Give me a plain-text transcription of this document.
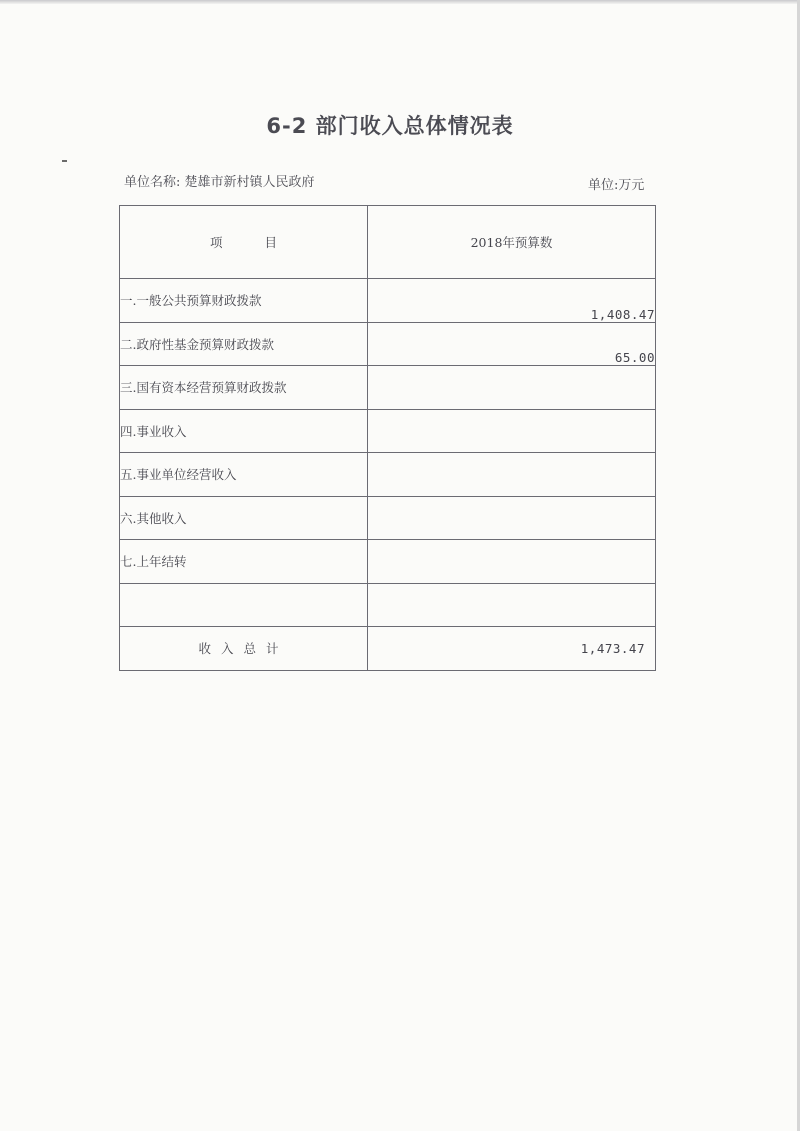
6-2 部门收入总体情况表
单位名称: 楚雄市新村镇人民政府	单位:万元
项目	2018年预算数
一.一般公共预算财政拨款	1,408.47
二.政府性基金预算财政拨款	65.00
三.国有资本经营预算财政拨款	
四.事业收入	
五.事业单位经营收入	
六.其他收入	
七.上年结转	

收入总计	1,473.47
